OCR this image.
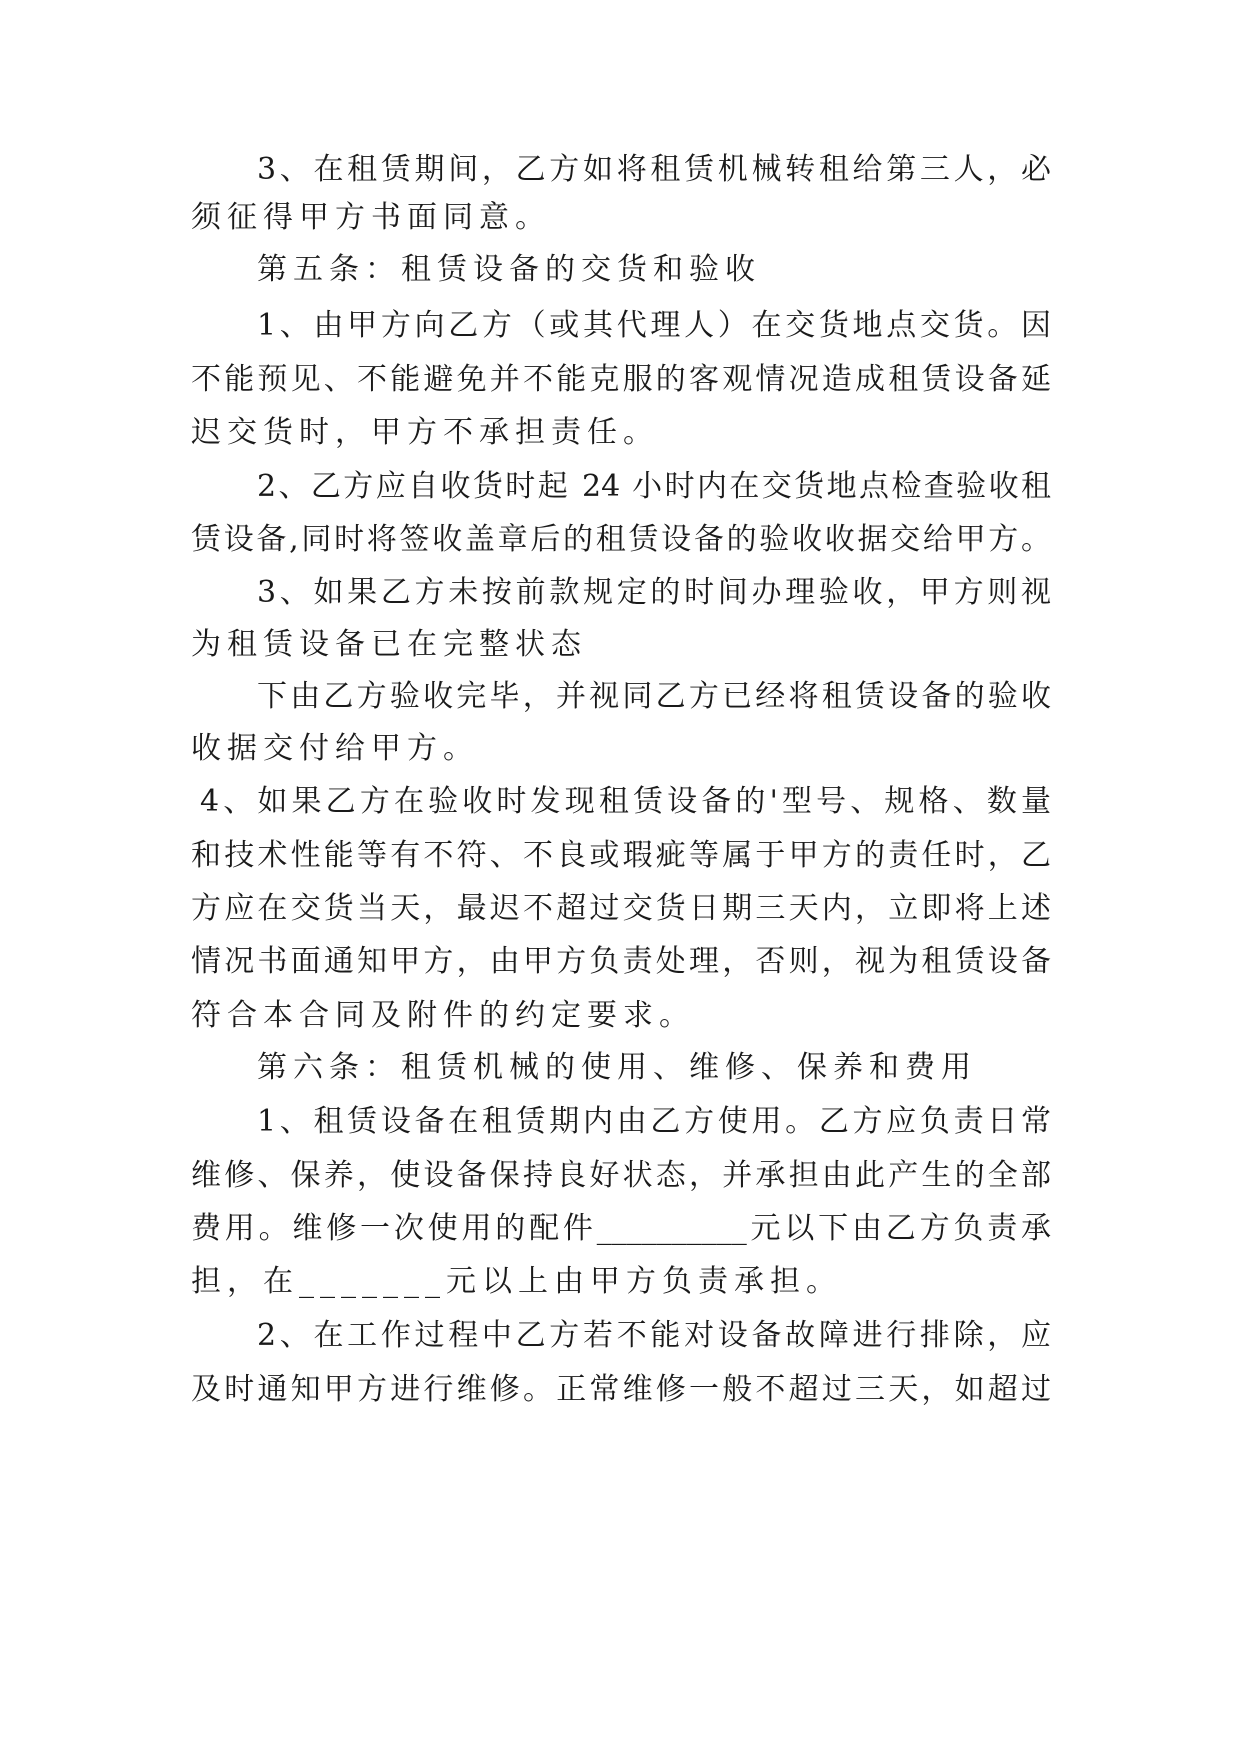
3、在租赁期间，乙方如将租赁机械转租给第三人，必
须征得甲方书面同意。
第五条：租赁设备的交货和验收
1、由甲方向乙方（或其代理人）在交货地点交货。因
不能预见、不能避免并不能克服的客观情况造成租赁设备延
迟交货时，甲方不承担责任。
2、乙方应自收货时起 24 小时内在交货地点检查验收租
赁设备,同时将签收盖章后的租赁设备的验收收据交给甲方。
3、如果乙方未按前款规定的时间办理验收，甲方则视
为租赁设备已在完整状态
下由乙方验收完毕，并视同乙方已经将租赁设备的验收
收据交付给甲方。
4、如果乙方在验收时发现租赁设备的'型号、规格、数量
和技术性能等有不符、不良或瑕疵等属于甲方的责任时，乙
方应在交货当天，最迟不超过交货日期三天内，立即将上述
情况书面通知甲方，由甲方负责处理，否则，视为租赁设备
符合本合同及附件的约定要求。
第六条：租赁机械的使用、维修、保养和费用
1、租赁设备在租赁期内由乙方使用。乙方应负责日常
维修、保养，使设备保持良好状态，并承担由此产生的全部
费用。维修一次使用的配件__________元以下由乙方负责承
担，在_______元以上由甲方负责承担。
2、在工作过程中乙方若不能对设备故障进行排除，应
及时通知甲方进行维修。正常维修一般不超过三天，如超过
